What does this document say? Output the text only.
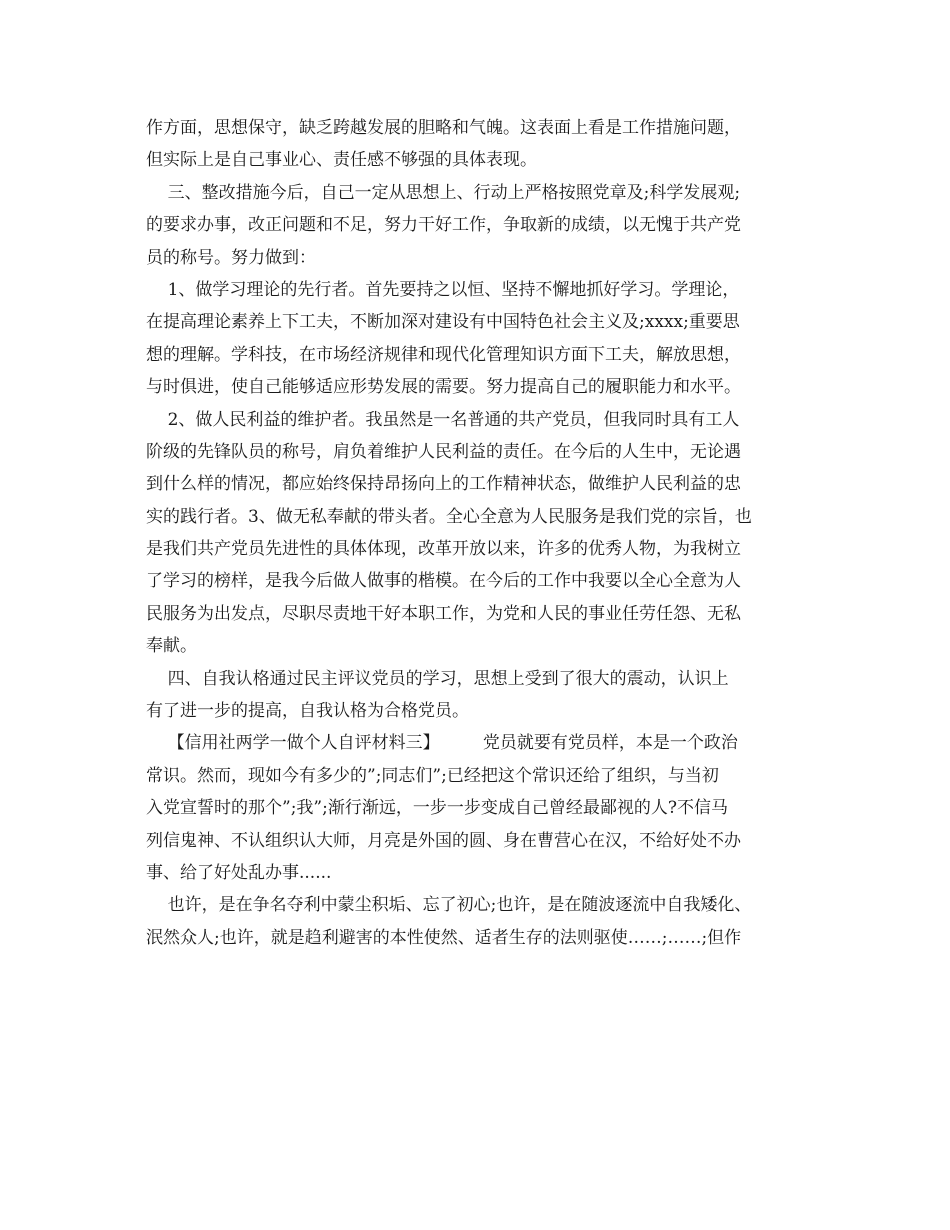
作方面，思想保守，缺乏跨越发展的胆略和气魄。这表面上看是工作措施问题，
但实际上是自己事业心、责任感不够强的具体表现。
三、整改措施今后，自己一定从思想上、行动上严格按照党章及;科学发展观;
的要求办事，改正问题和不足，努力干好工作，争取新的成绩，以无愧于共产党
员的称号。努力做到：
1、做学习理论的先行者。首先要持之以恒、坚持不懈地抓好学习。学理论，
在提高理论素养上下工夫，不断加深对建设有中国特色社会主义及;xxxx;重要思
想的理解。学科技，在市场经济规律和现代化管理知识方面下工夫，解放思想，
与时俱进，使自己能够适应形势发展的需要。努力提高自己的履职能力和水平。
2、做人民利益的维护者。我虽然是一名普通的共产党员，但我同时具有工人
阶级的先锋队员的称号，肩负着维护人民利益的责任。在今后的人生中，无论遇
到什么样的情况，都应始终保持昂扬向上的工作精神状态，做维护人民利益的忠
实的践行者。3、做无私奉献的带头者。全心全意为人民服务是我们党的宗旨，也
是我们共产党员先进性的具体体现，改革开放以来，许多的优秀人物，为我树立
了学习的榜样，是我今后做人做事的楷模。在今后的工作中我要以全心全意为人
民服务为出发点，尽职尽责地干好本职工作，为党和人民的事业任劳任怨、无私
奉献。
四、自我认格通过民主评议党员的学习，思想上受到了很大的震动，认识上
有了进一步的提高，自我认格为合格党员。
【信用社两学一做个人自评材料三】        党员就要有党员样，本是一个政治
常识。然而，现如今有多少的”;同志们”;已经把这个常识还给了组织，与当初
入党宣誓时的那个”;我”;渐行渐远，一步一步变成自己曾经最鄙视的人?不信马
列信鬼神、不认组织认大师，月亮是外国的圆、身在曹营心在汉，不给好处不办
事、给了好处乱办事......
也许，是在争名夺利中蒙尘积垢、忘了初心;也许，是在随波逐流中自我矮化、
泯然众人;也许，就是趋利避害的本性使然、适者生存的法则驱使……;……;但作
